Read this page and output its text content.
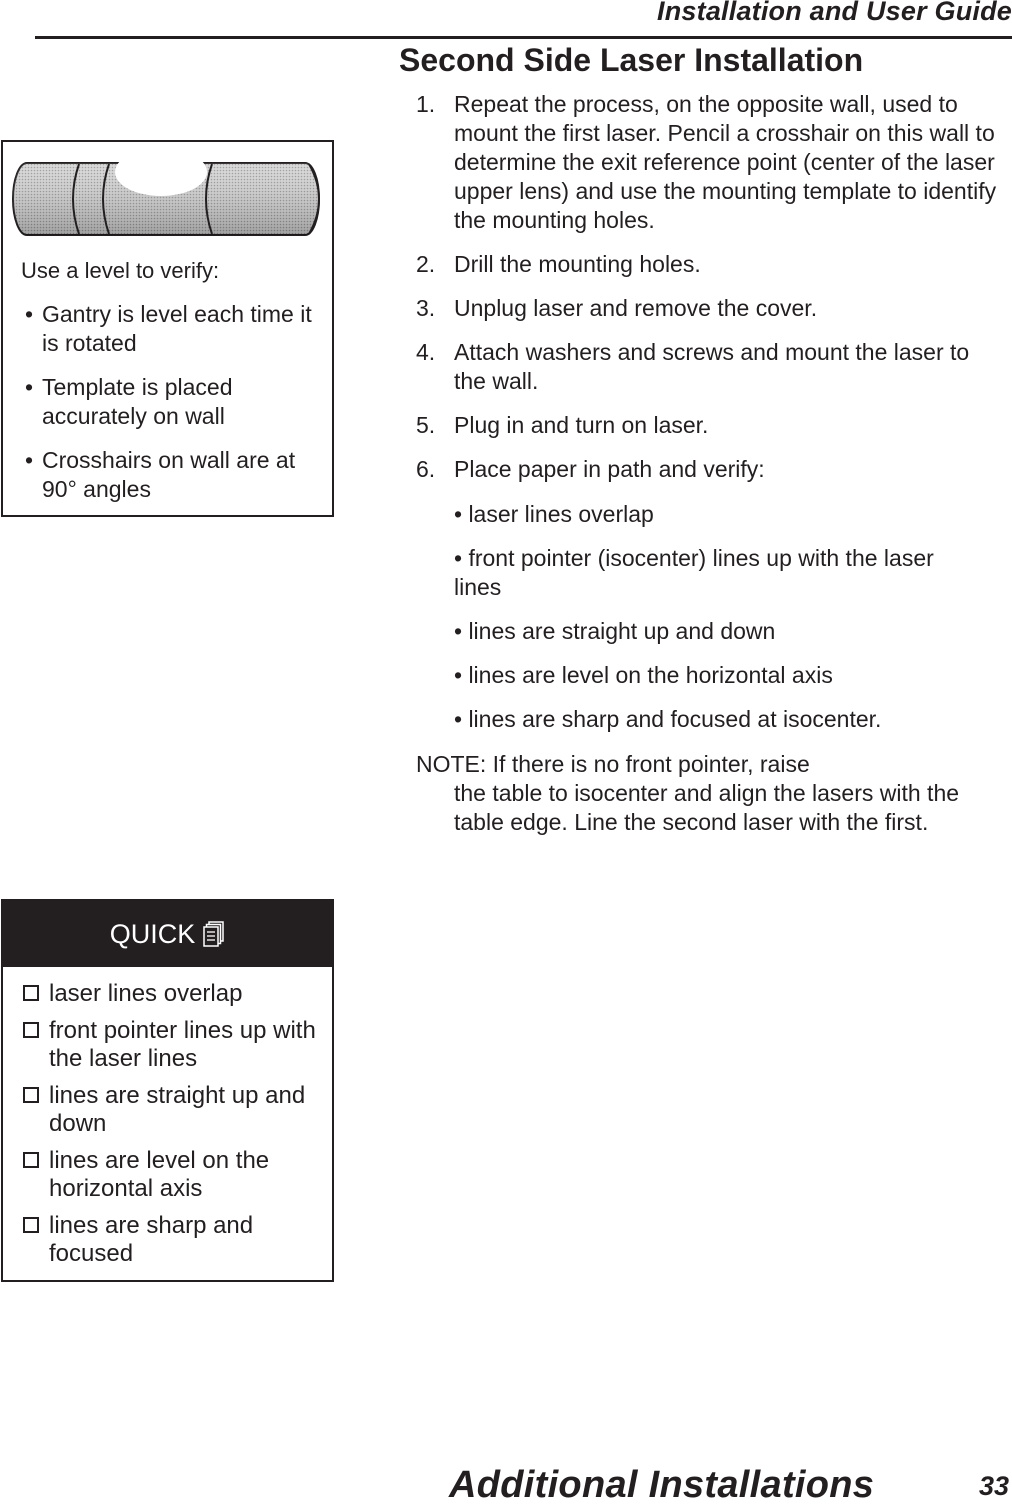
Installation and User Guide

Use a level to verify:

• Gantry is level each time it is rotated
• Template is placed accurately on wall
• Crosshairs on wall are at 90° angles
QUICK
laser lines overlap
front pointer lines up with the laser lines
lines are straight up and down
lines are level on the horizontal axis
lines are sharp and focused
Second Side Laser Installation
1. Repeat the process, on the opposite wall, used to mount the first laser. Pencil a crosshair on this wall to determine the exit reference point (center of the laser upper lens) and use the mounting template to identify the mounting holes.
2. Drill the mounting holes.
3. Unplug laser and remove the cover.
4. Attach washers and screws and mount the laser to the wall.
5. Plug in and turn on laser.
6. Place paper in path and verify:
• laser lines overlap
• front pointer (isocenter) lines up with the laser lines
• lines are straight up and down
• lines are level on the horizontal axis
• lines are sharp and focused at isocenter.

NOTE: If there is no front pointer, raise
the table to isocenter and align the lasers with the table edge. Line the second laser with the first.

Additional Installations	33
